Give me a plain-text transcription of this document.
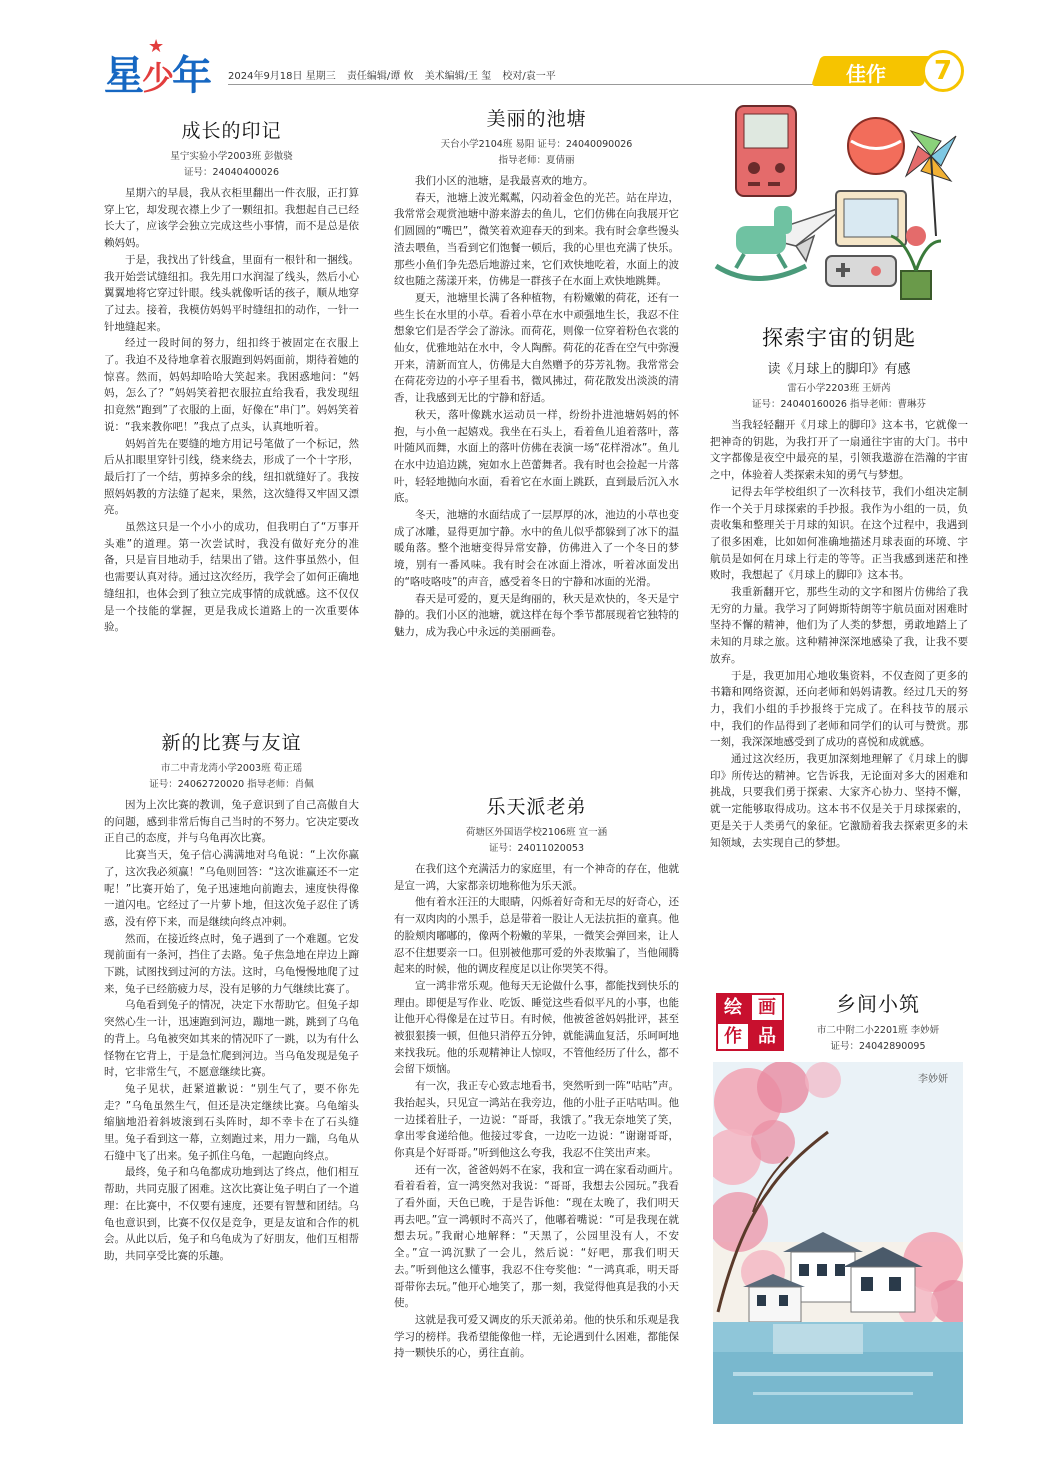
星少年
★
2024年9月18日 星期三 责任编辑/谭 攸 美术编辑/王 玺 校对/袁一平	佳作	7
成长的印记
星宁实验小学2003班 彭傲骁
证号：24040400026

星期六的早晨，我从衣柜里翻出一件衣服，正打算穿上它，却发现衣襟上少了一颗纽扣。我想起自己已经长大了，应该学会独立完成这些小事情，而不是总是依赖妈妈。

于是，我找出了针线盒，里面有一根针和一捆线。我开始尝试缝纽扣。我先用口水润湿了线头，然后小心翼翼地将它穿过针眼。线头就像听话的孩子，顺从地穿了过去。接着，我模仿妈妈平时缝纽扣的动作，一针一针地缝起来。

经过一段时间的努力，纽扣终于被固定在衣服上了。我迫不及待地拿着衣服跑到妈妈面前，期待着她的惊喜。然而，妈妈却哈哈大笑起来。我困惑地问：“妈妈，怎么了？”妈妈笑着把衣服拉直给我看，我发现纽扣竟然“跑到”了衣服的上面，好像在“串门”。妈妈笑着说：“我来教你吧！”我点了点头，认真地听着。

妈妈首先在要缝的地方用记号笔做了一个标记，然后从扣眼里穿针引线，绕来绕去，形成了一个十字形，最后打了一个结，剪掉多余的线，纽扣就缝好了。我按照妈妈教的方法缝了起来，果然，这次缝得又牢固又漂亮。

虽然这只是一个小小的成功，但我明白了“万事开头难”的道理。第一次尝试时，我没有做好充分的准备，只是盲目地动手，结果出了错。这件事虽然小，但也需要认真对待。通过这次经历，我学会了如何正确地缝纽扣，也体会到了独立完成事情的成就感。这不仅仅是一个技能的掌握，更是我成长道路上的一次重要体验。

新的比赛与友谊
市二中青龙湾小学2003班 荀正瑶
证号：24062720020 指导老师：肖佩

因为上次比赛的教训，兔子意识到了自己高傲自大的问题，感到非常后悔自己当时的不努力。它决定要改正自己的态度，并与乌龟再次比赛。

比赛当天，兔子信心满满地对乌龟说：“上次你赢了，这次我必须赢！”乌龟则回答：“这次谁赢还不一定呢！”比赛开始了，兔子迅速地向前跑去，速度快得像一道闪电。它经过了一片萝卜地，但这次兔子忍住了诱惑，没有停下来，而是继续向终点冲刺。

然而，在接近终点时，兔子遇到了一个难题。它发现前面有一条河，挡住了去路。兔子焦急地在岸边上蹿下跳，试图找到过河的方法。这时，乌龟慢慢地爬了过来，兔子已经筋疲力尽，没有足够的力气继续比赛了。

乌龟看到兔子的情况，决定下水帮助它。但兔子却突然心生一计，迅速跑到河边，蹦地一跳，跳到了乌龟的背上。乌龟被突如其来的情况吓了一跳，以为有什么怪物在它背上，于是急忙爬到河边。当乌龟发现是兔子时，它非常生气，不愿意继续比赛。

兔子见状，赶紧道歉说：“别生气了，要不你先走？”乌龟虽然生气，但还是决定继续比赛。乌龟缩头缩脑地沿着斜坡滚到石头阵时，却不幸卡在了石头缝里。兔子看到这一幕，立刻跑过来，用力一踹，乌龟从石缝中飞了出来。兔子抓住乌龟，一起跑向终点。

最终，兔子和乌龟都成功地到达了终点，他们相互帮助，共同克服了困难。这次比赛让兔子明白了一个道理：在比赛中，不仅要有速度，还要有智慧和团结。乌龟也意识到，比赛不仅仅是竞争，更是友谊和合作的机会。从此以后，兔子和乌龟成为了好朋友，他们互相帮助，共同享受比赛的乐趣。

美丽的池塘
天台小学2104班 易阳 证号：24040090026
指导老师：夏倩丽

我们小区的池塘，是我最喜欢的地方。

春天，池塘上波光粼粼，闪动着金色的光芒。站在岸边，我常常会观赏池塘中游来游去的鱼儿，它们仿佛在向我展开它们圆圆的“嘴巴”，微笑着欢迎春天的到来。我有时会拿些馒头渣去喂鱼，当看到它们饱餐一顿后，我的心里也充满了快乐。那些小鱼们争先恐后地游过来，它们欢快地吃着，水面上的波纹也随之荡漾开来，仿佛是一群孩子在水面上欢快地跳舞。

夏天，池塘里长满了各种植物，有粉嫩嫩的荷花，还有一些生长在水里的小草。看着小草在水中顽强地生长，我忍不住想象它们是否学会了游泳。而荷花，则像一位穿着粉色衣裳的仙女，优雅地站在水中，令人陶醉。荷花的花香在空气中弥漫开来，清新而宜人，仿佛是大自然赠予的芬芳礼物。我常常会在荷花旁边的小亭子里看书，微风拂过，荷花散发出淡淡的清香，让我感到无比的宁静和舒适。

秋天，落叶像跳水运动员一样，纷纷扑进池塘妈妈的怀抱，与小鱼一起嬉戏。我坐在石头上，看着鱼儿追着落叶，落叶随风而舞，水面上的落叶仿佛在表演一场“花样滑冰”。鱼儿在水中边追边跳，宛如水上芭蕾舞者。我有时也会捡起一片落叶，轻轻地抛向水面，看着它在水面上跳跃，直到最后沉入水底。

冬天，池塘的水面结成了一层厚厚的冰，池边的小草也变成了冰雕，显得更加宁静。水中的鱼儿似乎都躲到了冰下的温暖角落。整个池塘变得异常安静，仿佛进入了一个冬日的梦境，别有一番风味。我有时会在冰面上滑冰，听着冰面发出的“咯吱咯吱”的声音，感受着冬日的宁静和冰面的光滑。

春天是可爱的，夏天是绚丽的，秋天是欢快的，冬天是宁静的。我们小区的池塘，就这样在每个季节都展现着它独特的魅力，成为我心中永远的美丽画卷。

乐天派老弟
荷塘区外国语学校2106班 宣一涵
证号：24011020053

在我们这个充满活力的家庭里，有一个神奇的存在，他就是宣一鸿，大家都亲切地称他为乐天派。

他有着水汪汪的大眼睛，闪烁着好奇和无尽的好奇心，还有一双肉肉的小黑手，总是带着一股让人无法抗拒的童真。他的脸颊肉嘟嘟的，像两个粉嫩的苹果，一微笑会弹回来，让人忍不住想要亲一口。但别被他那可爱的外表欺骗了，当他闹腾起来的时候，他的调皮程度足以让你哭笑不得。

宣一鸿非常乐观。他每天无论做什么事，都能找到快乐的理由。即便是写作业、吃饭、睡觉这些看似平凡的小事，也能让他开心得像是在过节日。有时候，他被爸爸妈妈批评，甚至被狠狠揍一顿，但他只消停五分钟，就能满血复活，乐呵呵地来找我玩。他的乐观精神让人惊叹，不管他经历了什么，都不会留下烦恼。

有一次，我正专心致志地看书，突然听到一阵“咕咕”声。我抬起头，只见宣一鸿站在我旁边，他的小肚子正咕咕叫。他一边揉着肚子，一边说：“哥哥，我饿了。”我无奈地笑了笑，拿出零食递给他。他接过零食，一边吃一边说：“谢谢哥哥，你真是个好哥哥。”听到他这么夸我，我忍不住笑出声来。

还有一次，爸爸妈妈不在家，我和宣一鸿在家看动画片。看着看着，宣一鸿突然对我说：“哥哥，我想去公园玩。”我看了看外面，天色已晚，于是告诉他：“现在太晚了，我们明天再去吧。”宣一鸿顿时不高兴了，他嘟着嘴说：“可是我现在就想去玩。”我耐心地解释：“天黑了，公园里没有人，不安全。”宣一鸿沉默了一会儿，然后说：“好吧，那我们明天去。”听到他这么懂事，我忍不住夸奖他：“一鸿真乖，明天哥哥带你去玩。”他开心地笑了，那一刻，我觉得他真是我的小天使。

这就是我可爱又调皮的乐天派弟弟。他的快乐和乐观是我学习的榜样。我希望能像他一样，无论遇到什么困难，都能保持一颗快乐的心，勇往直前。

探索宇宙的钥匙
读《月球上的脚印》有感
雷石小学2203班 王妍芮
证号：24040160026 指导老师：曹琳芬

当我轻轻翻开《月球上的脚印》这本书，它就像一把神奇的钥匙，为我打开了一扇通往宇宙的大门。书中文字都像是夜空中最亮的星，引领我遨游在浩瀚的宇宙之中，体验着人类探索未知的勇气与梦想。

记得去年学校组织了一次科技节，我们小组决定制作一个关于月球探索的手抄报。我作为小组的一员，负责收集和整理关于月球的知识。在这个过程中，我遇到了很多困难，比如如何准确地描述月球表面的环境、宇航员是如何在月球上行走的等等。正当我感到迷茫和挫败时，我想起了《月球上的脚印》这本书。

我重新翻开它，那些生动的文字和图片仿佛给了我无穷的力量。我学习了阿姆斯特朗等宇航员面对困难时坚持不懈的精神，他们为了人类的梦想，勇敢地踏上了未知的月球之旅。这种精神深深地感染了我，让我不要放弃。

于是，我更加用心地收集资料，不仅查阅了更多的书籍和网络资源，还向老师和妈妈请教。经过几天的努力，我们小组的手抄报终于完成了。在科技节的展示中，我们的作品得到了老师和同学们的认可与赞赏。那一刻，我深深地感受到了成功的喜悦和成就感。

通过这次经历，我更加深刻地理解了《月球上的脚印》所传达的精神。它告诉我，无论面对多大的困难和挑战，只要我们勇于探索、大家齐心协力、坚持不懈，就一定能够取得成功。这本书不仅是关于月球探索的，更是关于人类勇气的象征。它激励着我去探索更多的未知领域，去实现自己的梦想。

绘 画
作 品
乡间小筑
市二中附二小2201班 李妙妍
证号：24042890095
李妙妍
